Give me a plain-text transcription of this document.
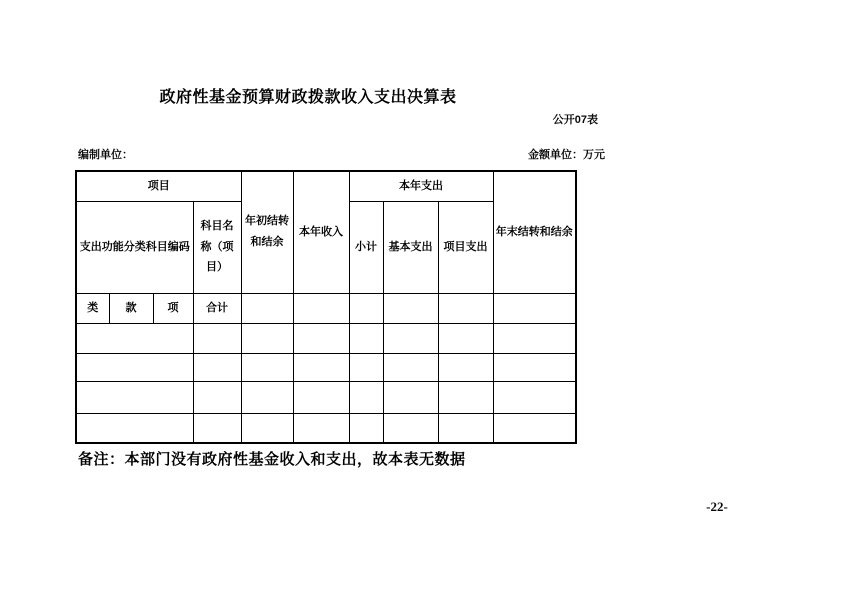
政府性基金预算财政拨款收入支出决算表
公开07表
编制单位：	金额单位：万元
项目				年初结转和结余	本年收入	本年支出			年末结转和结余
支出功能分类科目编码			科目名称（项目）			小计	基本支出	项目支出	
类	款	项	合计						

备注：本部门没有政府性基金收入和支出，故本表无数据
-22-
